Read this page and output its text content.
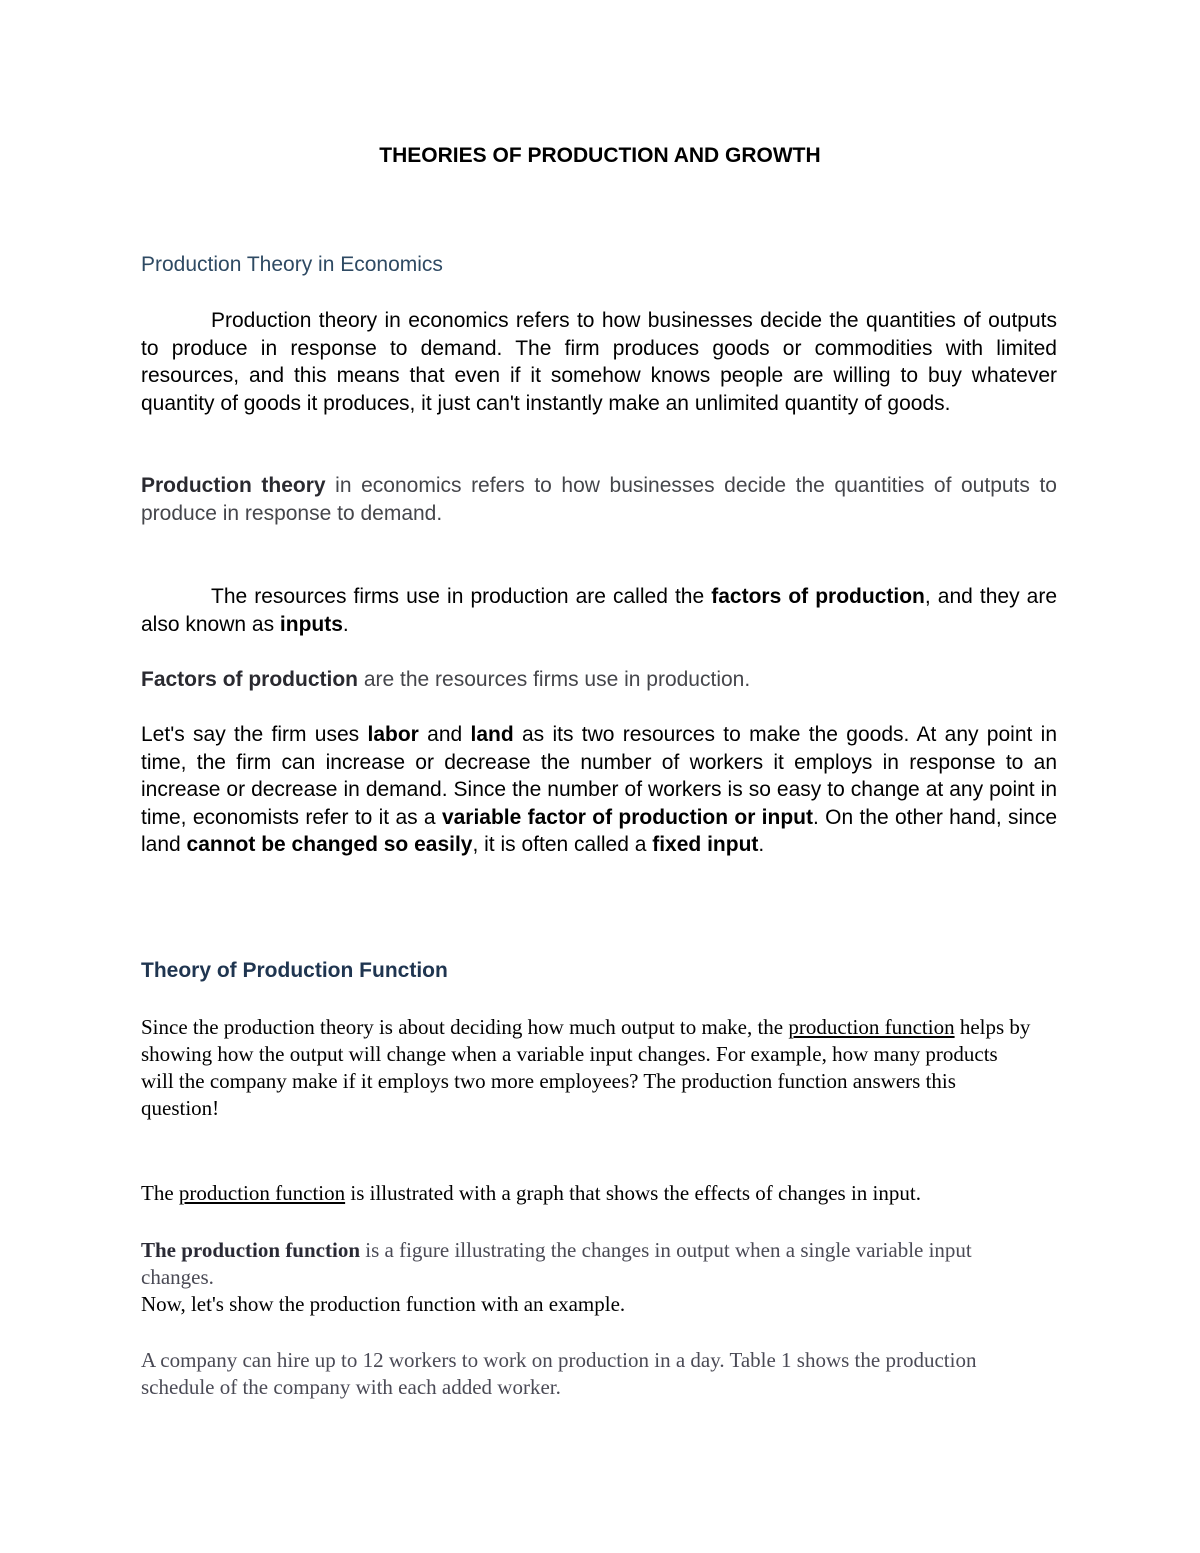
THEORIES OF PRODUCTION AND GROWTH

Production Theory in Economics

Production theory in economics refers to how businesses decide the quantities of outputs to produce in response to demand. The firm produces goods or commodities with limited resources, and this means that even if it somehow knows people are willing to buy whatever quantity of goods it produces, it just can't instantly make an unlimited quantity of goods.

Production theory in economics refers to how businesses decide the quantities of outputs to produce in response to demand.

The resources firms use in production are called the factors of production, and they are also known as inputs.

Factors of production are the resources firms use in production.

Let's say the firm uses labor and land as its two resources to make the goods. At any point in time, the firm can increase or decrease the number of workers it employs in response to an increase or decrease in demand. Since the number of workers is so easy to change at any point in time, economists refer to it as a variable factor of production or input. On the other hand, since land cannot be changed so easily, it is often called a fixed input.

Theory of Production Function

Since the production theory is about deciding how much output to make, the production function helps by showing how the output will change when a variable input changes. For example, how many products will the company make if it employs two more employees? The production function answers this question!

The production function is illustrated with a graph that shows the effects of changes in input.

The production function is a figure illustrating the changes in output when a single variable input changes.

Now, let's show the production function with an example.

A company can hire up to 12 workers to work on production in a day. Table 1 shows the production schedule of the company with each added worker.
